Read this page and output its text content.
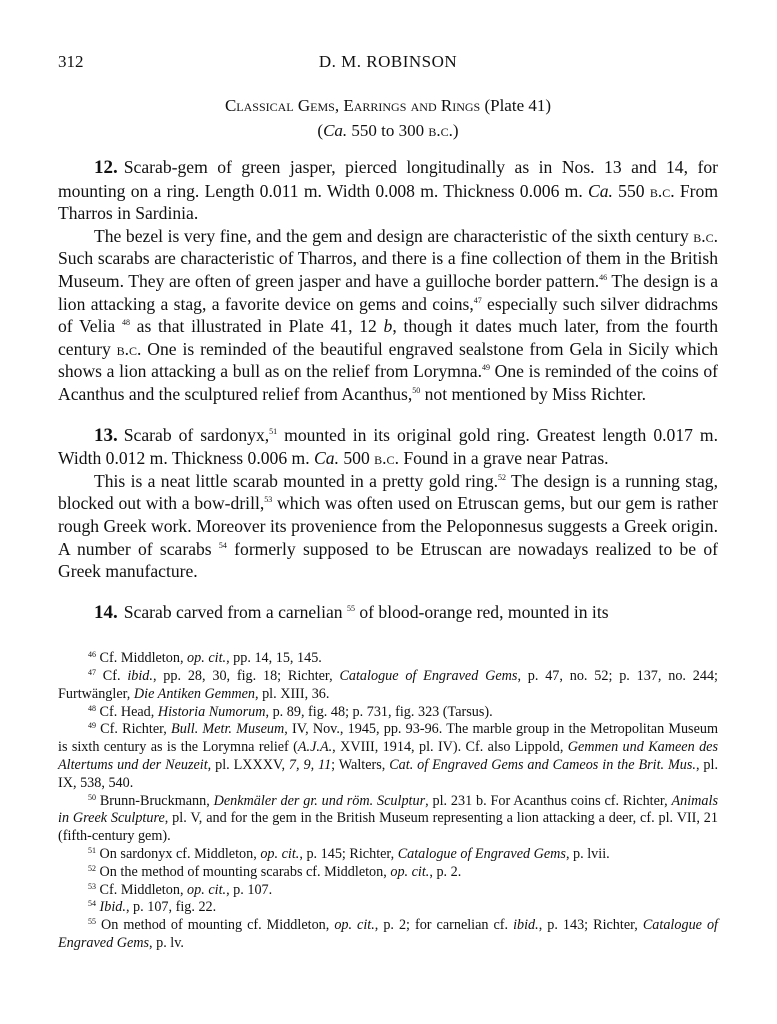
312	D. M. ROBINSON
Classical Gems, Earrings and Rings (Plate 41)
(Ca. 550 to 300 b.c.)

12. Scarab-gem of green jasper, pierced longitudinally as in Nos. 13 and 14, for mounting on a ring. Length 0.011 m. Width 0.008 m. Thickness 0.006 m. Ca. 550 b.c. From Tharros in Sardinia.

The bezel is very fine, and the gem and design are characteristic of the sixth century b.c. Such scarabs are characteristic of Tharros, and there is a fine collection of them in the British Museum. They are often of green jasper and have a guilloche border pattern.$^{46}$ The design is a lion attacking a stag, a favorite device on gems and coins,$^{47}$ especially such silver didrachms of Velia $^{48}$ as that illustrated in Plate 41, 12 b, though it dates much later, from the fourth century b.c. One is reminded of the beautiful engraved sealstone from Gela in Sicily which shows a lion attacking a bull as on the relief from Lorymna.$^{49}$ One is reminded of the coins of Acanthus and the sculptured relief from Acanthus,$^{50}$ not mentioned by Miss Richter.

13. Scarab of sardonyx,$^{51}$ mounted in its original gold ring. Greatest length 0.017 m. Width 0.012 m. Thickness 0.006 m. Ca. 500 b.c. Found in a grave near Patras.

This is a neat little scarab mounted in a pretty gold ring.$^{52}$ The design is a running stag, blocked out with a bow-drill,$^{53}$ which was often used on Etruscan gems, but our gem is rather rough Greek work. Moreover its provenience from the Peloponnesus suggests a Greek origin. A number of scarabs $^{54}$ formerly supposed to be Etruscan are nowadays realized to be of Greek manufacture.

14. Scarab carved from a carnelian $^{55}$ of blood-orange red, mounted in its

$^{46}$ Cf. Middleton, op. cit., pp. 14, 15, 145.

$^{47}$ Cf. ibid., pp. 28, 30, fig. 18; Richter, Catalogue of Engraved Gems, p. 47, no. 52; p. 137, no. 244; Furtwängler, Die Antiken Gemmen, pl. XIII, 36.

$^{48}$ Cf. Head, Historia Numorum, p. 89, fig. 48; p. 731, fig. 323 (Tarsus).

$^{49}$ Cf. Richter, Bull. Metr. Museum, IV, Nov., 1945, pp. 93-96. The marble group in the Metropolitan Museum is sixth century as is the Lorymna relief (A.J.A., XVIII, 1914, pl. IV). Cf. also Lippold, Gemmen und Kameen des Altertums und der Neuzeit, pl. LXXXV, 7, 9, 11; Walters, Cat. of Engraved Gems and Cameos in the Brit. Mus., pl. IX, 538, 540.

$^{50}$ Brunn-Bruckmann, Denkmäler der gr. und röm. Sculptur, pl. 231 b. For Acanthus coins cf. Richter, Animals in Greek Sculpture, pl. V, and for the gem in the British Museum representing a lion attacking a deer, cf. pl. VII, 21 (fifth-century gem).

$^{51}$ On sardonyx cf. Middleton, op. cit., p. 145; Richter, Catalogue of Engraved Gems, p. lvii.

$^{52}$ On the method of mounting scarabs cf. Middleton, op. cit., p. 2.

$^{53}$ Cf. Middleton, op. cit., p. 107.

$^{54}$ Ibid., p. 107, fig. 22.

$^{55}$ On method of mounting cf. Middleton, op. cit., p. 2; for carnelian cf. ibid., p. 143; Richter, Catalogue of Engraved Gems, p. lv.
